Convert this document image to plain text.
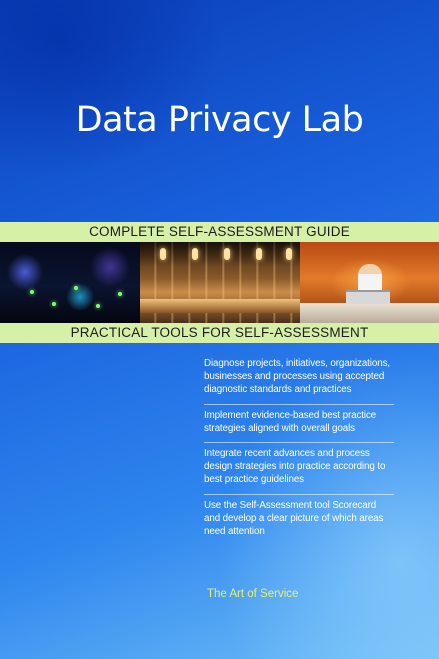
Data Privacy Lab
COMPLETE SELF-ASSESSMENT GUIDE
PRACTICAL TOOLS FOR SELF-ASSESSMENT
Diagnose projects, initiatives, organizations, businesses and processes using accepted diagnostic standards and practices
Implement evidence-based best practice strategies aligned with overall goals
Integrate recent advances and process design strategies into practice according to best practice guidelines
Use the Self-Assessment tool Scorecard and develop a clear picture of which areas need attention
The Art of Service
